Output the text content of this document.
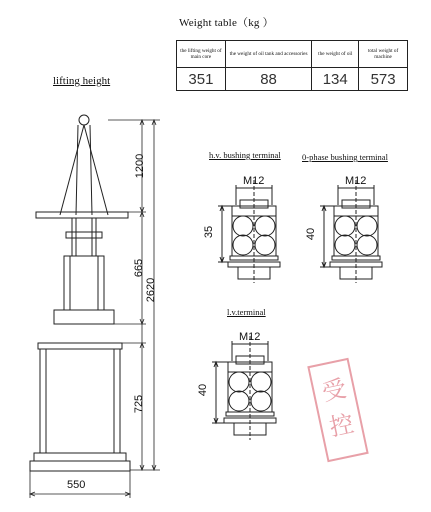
Weight table（kg ）
the lifting weight of main core	the weight of oil tank and accessories	the weight of oil	total weight of machine
351	88	134	573
lifting height
h.v. bushing terminal	0-phase bushing terminal
l.v.terminal
1200
665
2620
725
550
M12
35
M12
40
M12
40	受控
